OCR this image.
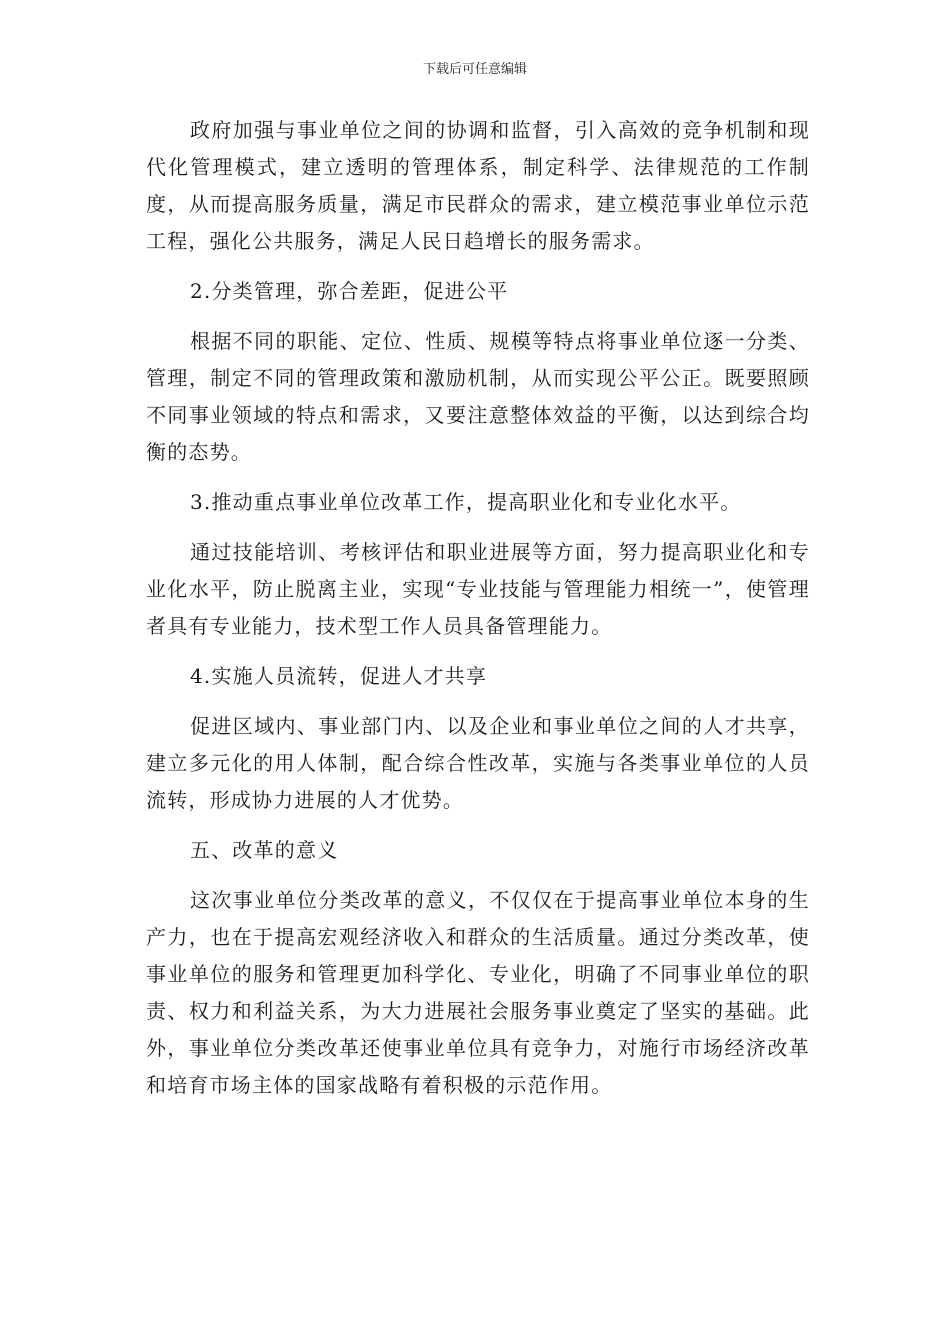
下载后可任意编辑

政府加强与事业单位之间的协调和监督，引入高效的竞争机制和现代化管理模式，建立透明的管理体系，制定科学、法律规范的工作制度，从而提高服务质量，满足市民群众的需求，建立模范事业单位示范工程，强化公共服务，满足人民日趋增长的服务需求。

2.分类管理，弥合差距，促进公平

根据不同的职能、定位、性质、规模等特点将事业单位逐一分类、管理，制定不同的管理政策和激励机制，从而实现公平公正。既要照顾不同事业领域的特点和需求，又要注意整体效益的平衡，以达到综合均衡的态势。

3.推动重点事业单位改革工作，提高职业化和专业化水平。

通过技能培训、考核评估和职业进展等方面，努力提高职业化和专业化水平，防止脱离主业，实现“专业技能与管理能力相统一”，使管理者具有专业能力，技术型工作人员具备管理能力。

4.实施人员流转，促进人才共享

促进区域内、事业部门内、以及企业和事业单位之间的人才共享，建立多元化的用人体制，配合综合性改革，实施与各类事业单位的人员流转，形成协力进展的人才优势。

五、改革的意义

这次事业单位分类改革的意义，不仅仅在于提高事业单位本身的生产力，也在于提高宏观经济收入和群众的生活质量。通过分类改革，使事业单位的服务和管理更加科学化、专业化，明确了不同事业单位的职责、权力和利益关系，为大力进展社会服务事业奠定了坚实的基础。此外，事业单位分类改革还使事业单位具有竞争力，对施行市场经济改革和培育市场主体的国家战略有着积极的示范作用。
